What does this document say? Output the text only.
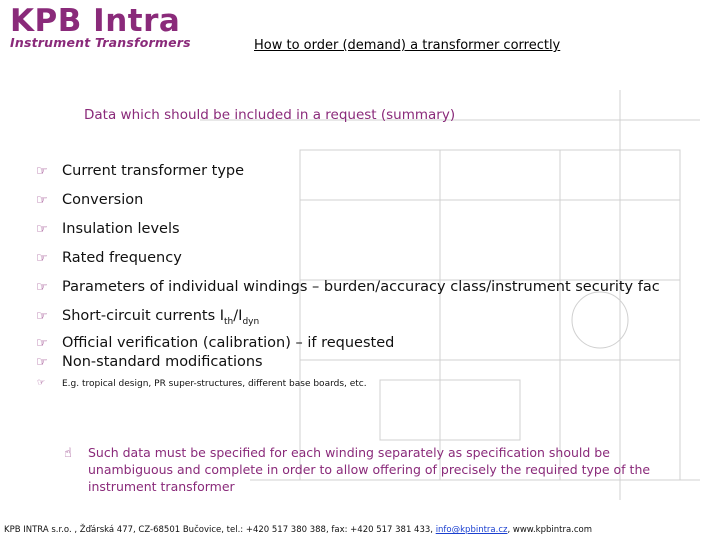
KPB Intra
Instrument Transformers	How to order (demand) a transformer correctly
Data which should be included in a request (summary)
☞ Current transformer type
☞ Conversion
☞ Insulation levels
☞ Rated frequency
☞ Parameters of individual windings – burden/accuracy class/instrument security fac
☞ Short-circuit currents $I_{th}/I_{dyn}$
☞ Official verification (calibration) – if requested
☞ Non-standard modifications
☞ E.g. tropical design, PR super-structures, different base boards, etc.
☝ Such data must be specified for each winding separately as specification should be unambiguous and complete in order to allow offering of precisely the required type of the instrument transformer
KPB INTRA s.r.o. , Žďárská 477, CZ-68501 Bučovice, tel.: +420 517 380 388, fax: +420 517 381 433, info@kpbintra.cz, www.kpbintra.com
